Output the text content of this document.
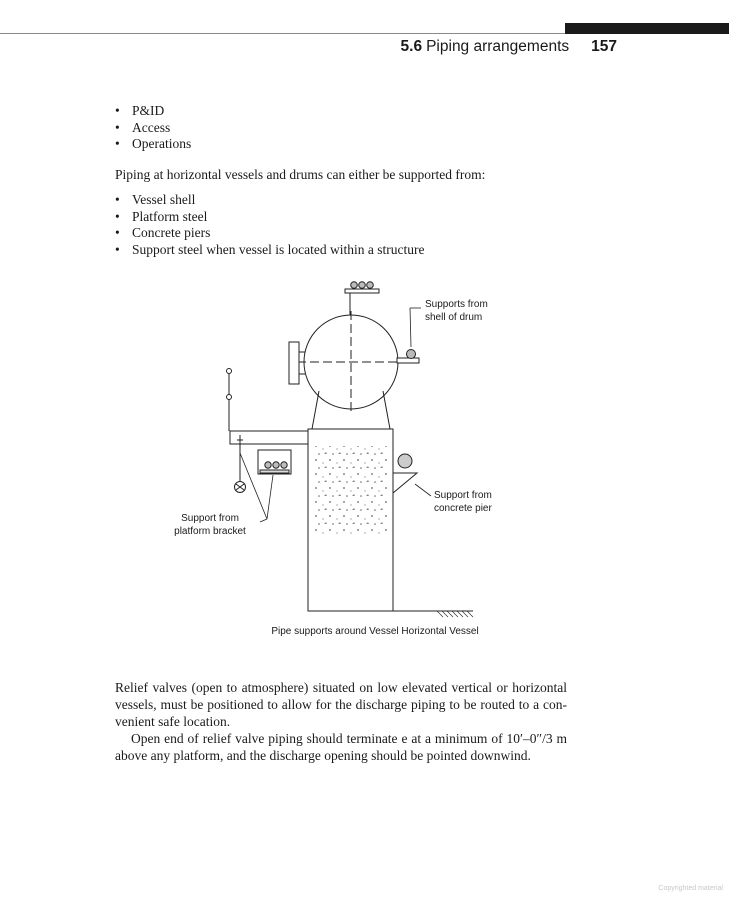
5.6 Piping arrangements 157
• P&ID
• Access
• Operations

Piping at horizontal vessels and drums can either be supported from:

• Vessel shell
• Platform steel
• Concrete piers
• Support steel when vessel is located within a structure
Supports from
shell of drum
Support from
concrete pier
Support from
platform bracket
Pipe supports around Vessel Horizontal Vessel

Relief valves (open to atmosphere) situated on low elevated vertical or horizontal vessels, must be positioned to allow for the discharge piping to be routed to a con-venient safe location.

Open end of relief valve piping should terminate e at a minimum of 10′–0″/3 m above any platform, and the discharge opening should be pointed downwind.

Copyrighted material
